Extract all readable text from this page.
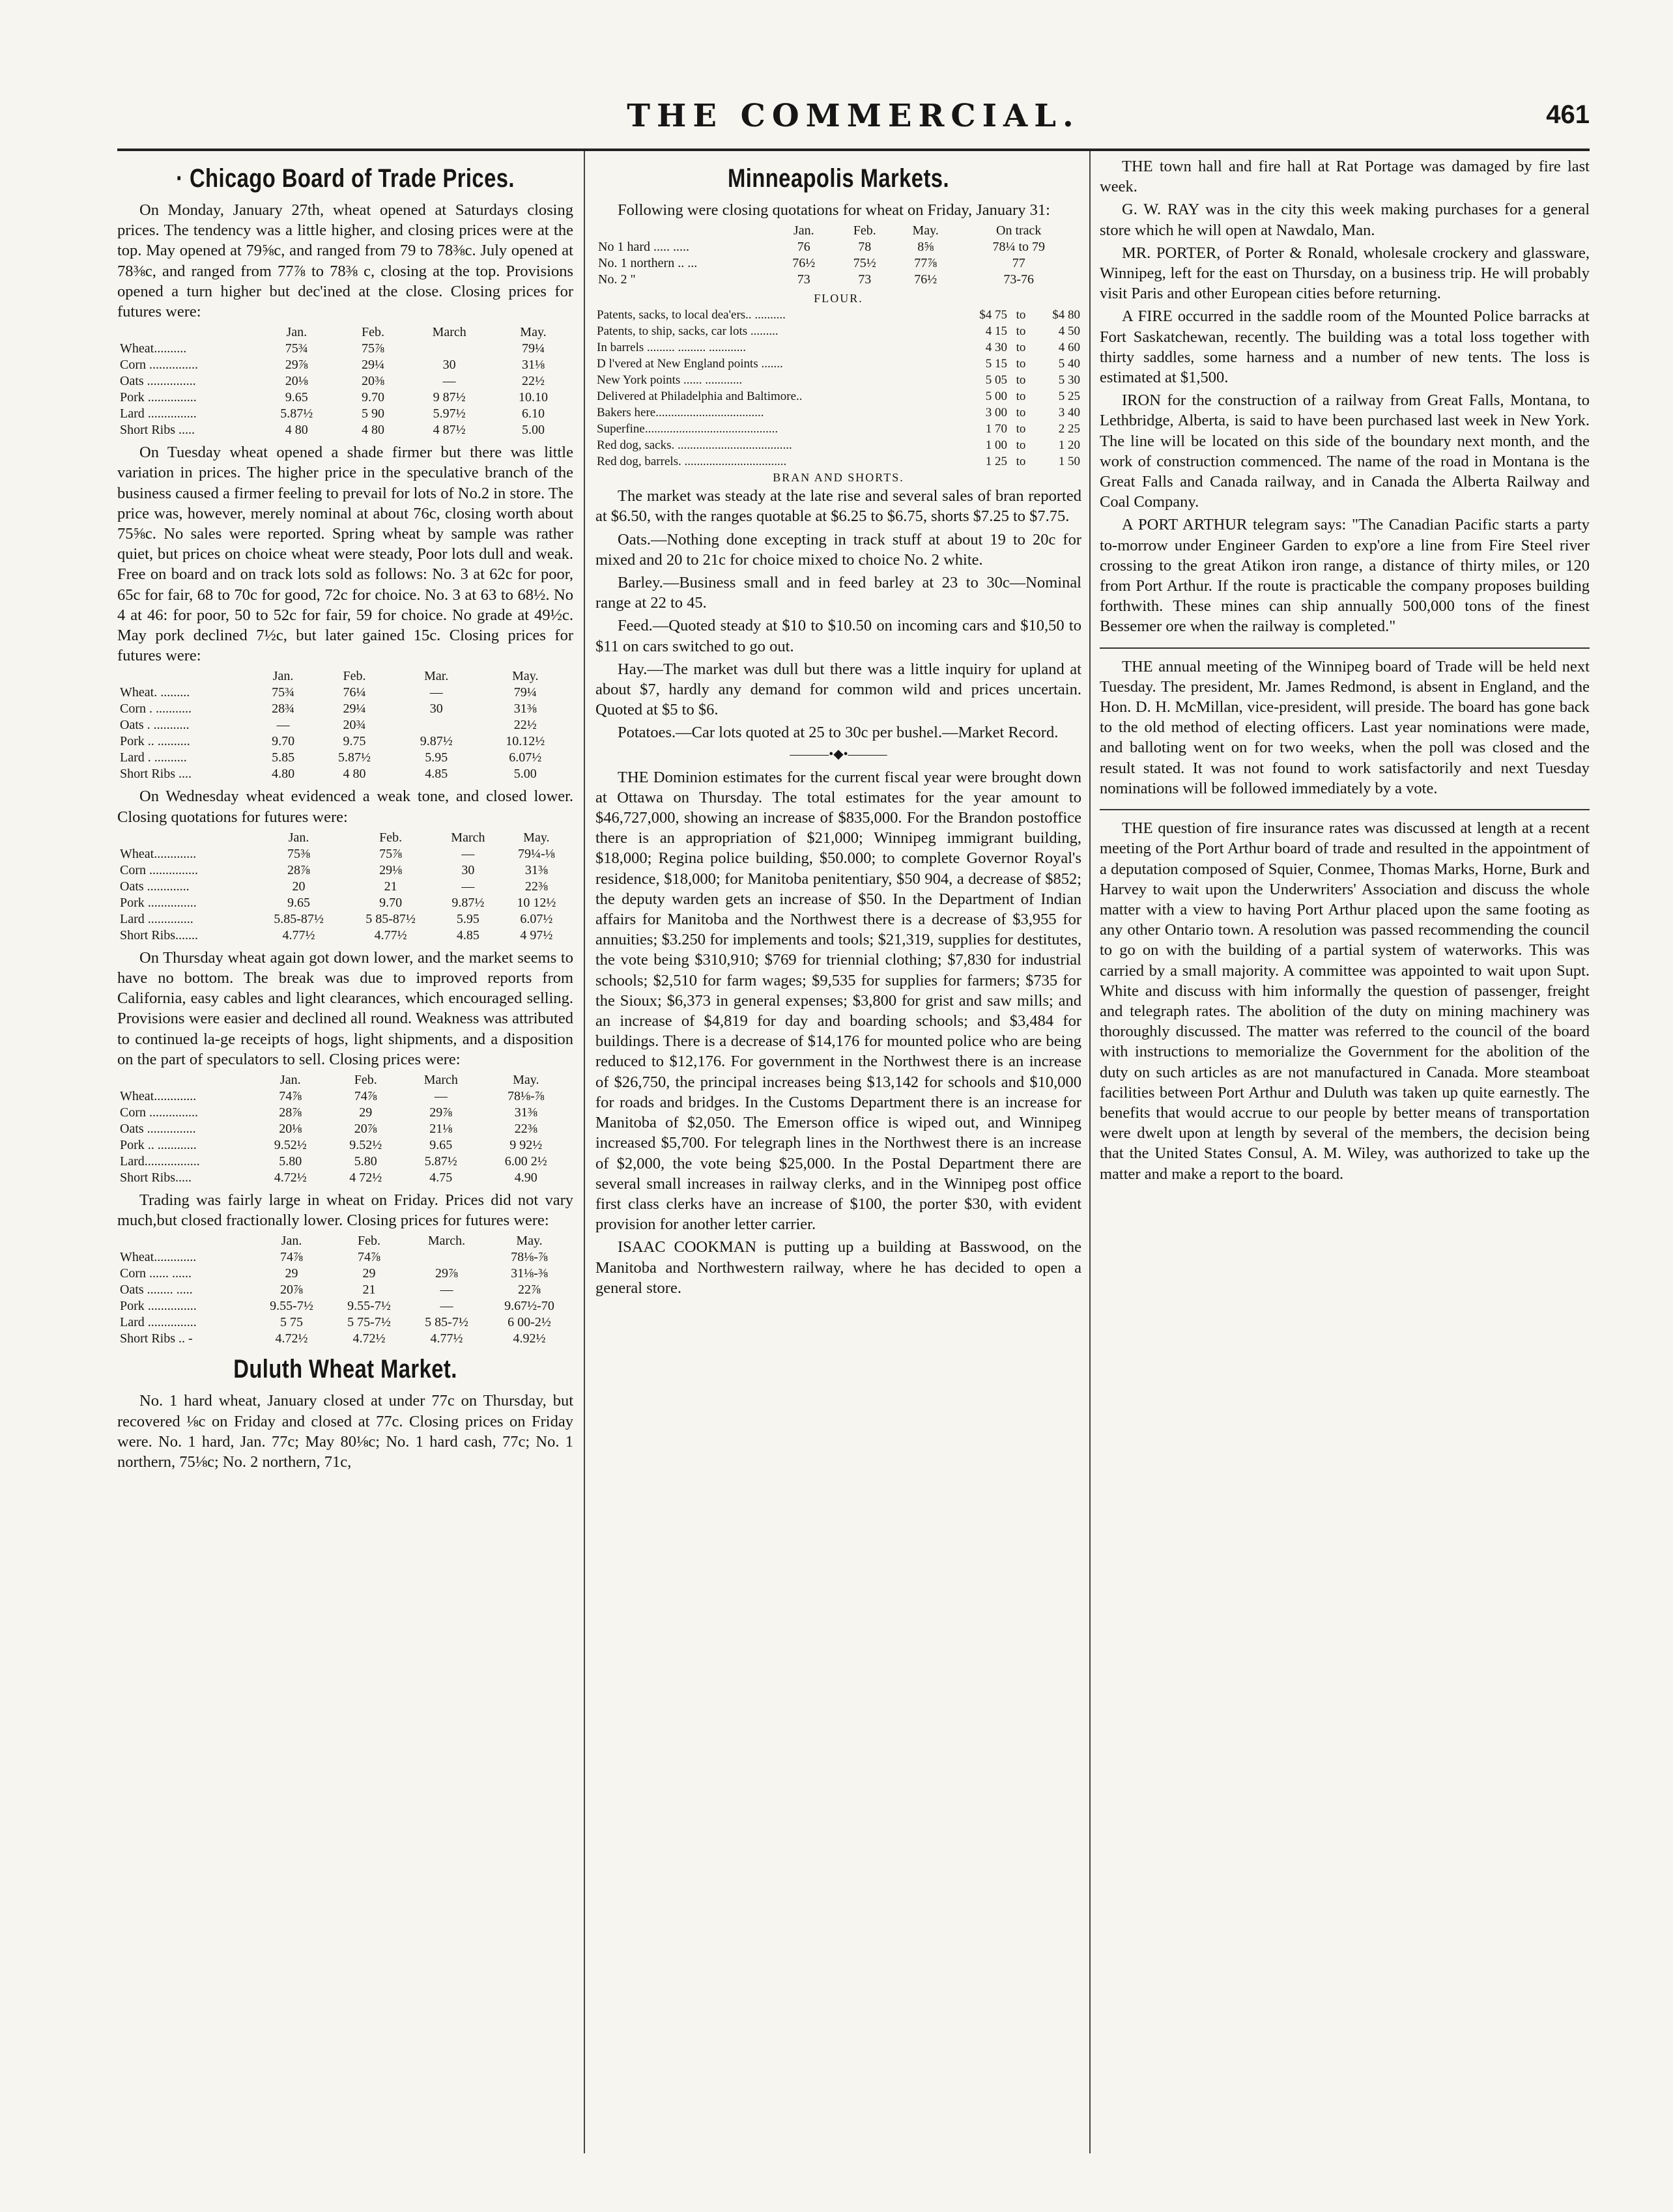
THE COMMERCIAL.	461
· Chicago Board of Trade Prices.

On Monday, January 27th, wheat opened at Saturdays closing prices. The tendency was a little higher, and closing prices were at the top. May opened at 79⅝c, and ranged from 79 to 78⅜c. July opened at 78⅜c, and ranged from 77⅞ to 78⅜ c, closing at the top. Provisions opened a turn higher but dec'ined at the close. Closing prices for futures were:

	Jan.	Feb.	March	May.
Wheat..........	75¾	75⅞		79¼
Corn ...............	29⅞	29¼	30	31⅛
Oats ...............	20⅛	20⅜	—	22½
Pork ...............	9.65	9.70	9 87½	10.10
Lard ...............	5.87½	5 90	5.97½	6.10
Short Ribs .....	4 80	4 80	4 87½	5.00

On Tuesday wheat opened a shade firmer but there was little variation in prices. The higher price in the speculative branch of the business caused a firmer feeling to prevail for lots of No.2 in store. The price was, however, merely nominal at about 76c, closing worth about 75⅝c. No sales were reported. Spring wheat by sample was rather quiet, but prices on choice wheat were steady, Poor lots dull and weak. Free on board and on track lots sold as follows: No. 3 at 62c for poor, 65c for fair, 68 to 70c for good, 72c for choice. No. 3 at 63 to 68½. No 4 at 46: for poor, 50 to 52c for fair, 59 for choice. No grade at 49½c. May pork declined 7½c, but later gained 15c. Closing prices for futures were:

	Jan.	Feb.	Mar.	May.
Wheat. .........	75¾	76¼	—	79¼
Corn . ...........	28¾	29¼	30	31⅜
Oats . ...........	—	20¾		22½
Pork .. ..........	9.70	9.75	9.87½	10.12½
Lard . ..........	5.85	5.87½	5.95	6.07½
Short Ribs ....	4.80	4 80	4.85	5.00

On Wednesday wheat evidenced a weak tone, and closed lower. Closing quotations for futures were:

	Jan.	Feb.	March	May.
Wheat.............	75⅜	75⅞	—	79¼-⅛
Corn ...............	28⅞	29⅛	30	31⅜
Oats .............	20	21	—	22⅜
Pork ...............	9.65	9.70	9.87½	10 12½
Lard ..............	5.85-87½	5 85-87½	5.95	6.07½
Short Ribs.......	4.77½	4.77½	4.85	4 97½

On Thursday wheat again got down lower, and the market seems to have no bottom. The break was due to improved reports from California, easy cables and light clearances, which encouraged selling. Provisions were easier and declined all round. Weakness was attributed to continued la-ge receipts of hogs, light shipments, and a disposition on the part of speculators to sell. Closing prices were:

	Jan.	Feb.	March	May.
Wheat.............	74⅞	74⅞	—	78⅛-⅞
Corn ...............	28⅞	29	29⅞	31⅜
Oats ...............	20⅛	20⅞	21⅛	22⅜
Pork .. ............	9.52½	9.52½	9.65	9 92½
Lard.................	5.80	5.80	5.87½	6.00 2½
Short Ribs.....	4.72½	4 72½	4.75	4.90

Trading was fairly large in wheat on Friday. Prices did not vary much,but closed fractionally lower. Closing prices for futures were:

	Jan.	Feb.	March.	May.
Wheat.............	74⅞	74⅞		78⅛-⅞
Corn ...... ......	29	29	29⅞	31⅛-⅜
Oats ........ .....	20⅞	21	—	22⅞
Pork ...............	9.55-7½	9.55-7½	—	9.67½-70
Lard ...............	5 75	5 75-7½	5 85-7½	6 00-2½
Short Ribs .. -	4.72½	4.72½	4.77½	4.92½
Duluth Wheat Market.

No. 1 hard wheat, January closed at under 77c on Thursday, but recovered ⅛c on Friday and closed at 77c. Closing prices on Friday were. No. 1 hard, Jan. 77c; May 80⅛c; No. 1 hard cash, 77c; No. 1 northern, 75⅛c; No. 2 northern, 71c,

Minneapolis Markets.

Following were closing quotations for wheat on Friday, January 31:

	Jan.	Feb.	May.	On track
No 1 hard ..... .....	76	78	8⅝	78¼ to 79
No. 1 northern .. ...	76½	75½	77⅞	77
No. 2 "	73	73	76½	73-76
FLOUR.
Patents, sacks, to local dea'ers.. ..........	$4 75	to	$4 80
Patents, to ship, sacks, car lots .........	4 15	to	4 50
In barrels ......... ......... ............	4 30	to	4 60
D l'vered at New England points .......	5 15	to	5 40
New York points ...... ............	5 05	to	5 30
Delivered at Philadelphia and Baltimore..	5 00	to	5 25
Bakers here...................................	3 00	to	3 40
Superfine...........................................	1 70	to	2 25
Red dog, sacks. .....................................	1 00	to	1 20
Red dog, barrels. .................................	1 25	to	1 50
BRAN AND SHORTS.

The market was steady at the late rise and several sales of bran reported at $6.50, with the ranges quotable at $6.25 to $6.75, shorts $7.25 to $7.75.

Oats.—Nothing done excepting in track stuff at about 19 to 20c for mixed and 20 to 21c for choice mixed to choice No. 2 white.

Barley.—Business small and in feed barley at 23 to 30c—Nominal range at 22 to 45.

Feed.—Quoted steady at $10 to $10.50 on incoming cars and $10,50 to $11 on cars switched to go out.

Hay.—The market was dull but there was a little inquiry for upland at about $7, hardly any demand for common wild and prices uncertain. Quoted at $5 to $6.

Potatoes.—Car lots quoted at 25 to 30c per bushel.—Market Record.

———•◆•———

THE Dominion estimates for the current fiscal year were brought down at Ottawa on Thursday. The total estimates for the year amount to $46,727,000, showing an increase of $835,000. For the Brandon postoffice there is an appropriation of $21,000; Winnipeg immigrant building, $18,000; Regina police building, $50.000; to complete Governor Royal's residence, $18,000; for Manitoba penitentiary, $50 904, a decrease of $852; the deputy warden gets an increase of $50. In the Department of Indian affairs for Manitoba and the Northwest there is a decrease of $3,955 for annuities; $3.250 for implements and tools; $21,319, supplies for destitutes, the vote being $310,910; $769 for triennial clothing; $7,830 for industrial schools; $2,510 for farm wages; $9,535 for supplies for farmers; $735 for the Sioux; $6,373 in general expenses; $3,800 for grist and saw mills; and an increase of $4,819 for day and boarding schools; and $3,484 for buildings. There is a decrease of $14,176 for mounted police who are being reduced to $12,176. For government in the Northwest there is an increase of $26,750, the principal increases being $13,142 for schools and $10,000 for roads and bridges. In the Customs Department there is an increase for Manitoba of $2,050. The Emerson office is wiped out, and Winnipeg increased $5,700. For telegraph lines in the Northwest there is an increase of $2,000, the vote being $25,000. In the Postal Department there are several small increases in railway clerks, and in the Winnipeg post office first class clerks have an increase of $100, the porter $30, with evident provision for another letter carrier.

ISAAC COOKMAN is putting up a building at Basswood, on the Manitoba and Northwestern railway, where he has decided to open a general store.

THE town hall and fire hall at Rat Portage was damaged by fire last week.

G. W. RAY was in the city this week making purchases for a general store which he will open at Nawdalo, Man.

MR. PORTER, of Porter & Ronald, wholesale crockery and glassware, Winnipeg, left for the east on Thursday, on a business trip. He will probably visit Paris and other European cities before returning.

A FIRE occurred in the saddle room of the Mounted Police barracks at Fort Saskatchewan, recently. The building was a total loss together with thirty saddles, some harness and a number of new tents. The loss is estimated at $1,500.

IRON for the construction of a railway from Great Falls, Montana, to Lethbridge, Alberta, is said to have been purchased last week in New York. The line will be located on this side of the boundary next month, and the work of construction commenced. The name of the road in Montana is the Great Falls and Canada railway, and in Canada the Alberta Railway and Coal Company.

A PORT ARTHUR telegram says: "The Canadian Pacific starts a party to-morrow under Engineer Garden to exp'ore a line from Fire Steel river crossing to the great Atikon iron range, a distance of thirty miles, or 120 from Port Arthur. If the route is practicable the company proposes building forthwith. These mines can ship annually 500,000 tons of the finest Bessemer ore when the railway is completed."

THE annual meeting of the Winnipeg board of Trade will be held next Tuesday. The president, Mr. James Redmond, is absent in England, and the Hon. D. H. McMillan, vice-president, will preside. The board has gone back to the old method of electing officers. Last year nominations were made, and balloting went on for two weeks, when the poll was closed and the result stated. It was not found to work satisfactorily and next Tuesday nominations will be followed immediately by a vote.

THE question of fire insurance rates was discussed at length at a recent meeting of the Port Arthur board of trade and resulted in the appointment of a deputation composed of Squier, Conmee, Thomas Marks, Horne, Burk and Harvey to wait upon the Underwriters' Association and discuss the whole matter with a view to having Port Arthur placed upon the same footing as any other Ontario town. A resolution was passed recommending the council to go on with the building of a partial system of waterworks. This was carried by a small majority. A committee was appointed to wait upon Supt. White and discuss with him informally the question of passenger, freight and telegraph rates. The abolition of the duty on mining machinery was thoroughly discussed. The matter was referred to the council of the board with instructions to memorialize the Government for the abolition of the duty on such articles as are not manufactured in Canada. More steamboat facilities between Port Arthur and Duluth was taken up quite earnestly. The benefits that would accrue to our people by better means of transportation were dwelt upon at length by several of the members, the decision being that the United States Consul, A. M. Wiley, was authorized to take up the matter and make a report to the board.
